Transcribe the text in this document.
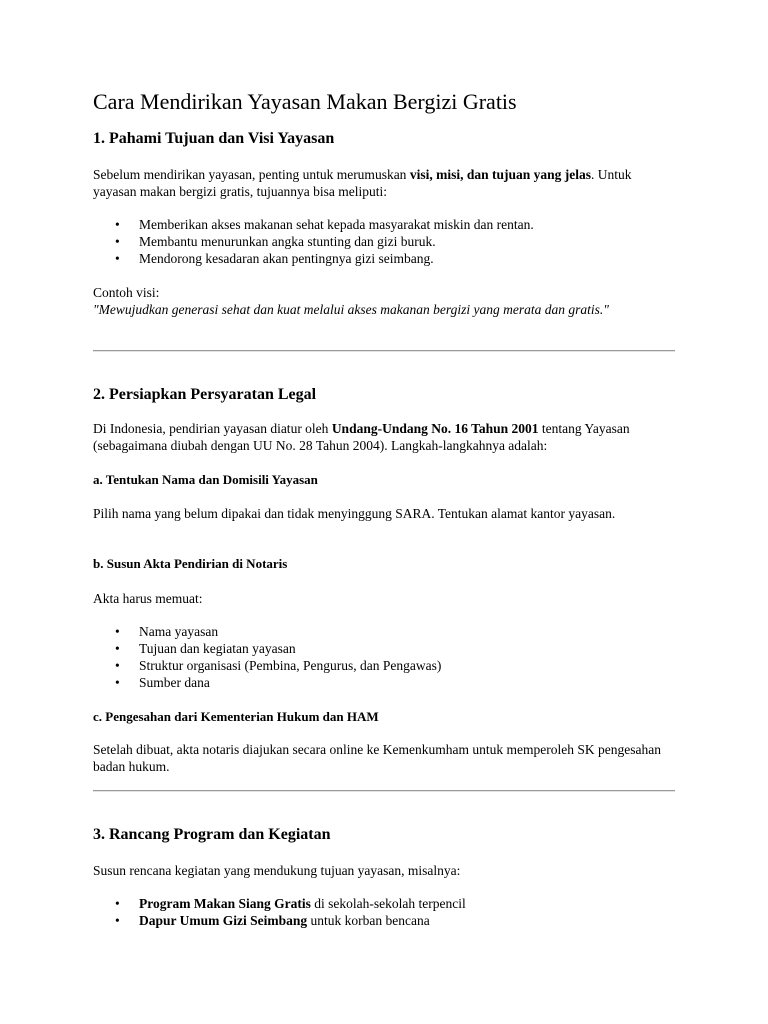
Cara Mendirikan Yayasan Makan Bergizi Gratis
1. Pahami Tujuan dan Visi Yayasan

Sebelum mendirikan yayasan, penting untuk merumuskan visi, misi, dan tujuan yang jelas. Untuk yayasan makan bergizi gratis, tujuannya bisa meliputi:

• Memberikan akses makanan sehat kepada masyarakat miskin dan rentan.
• Membantu menurunkan angka stunting dan gizi buruk.
• Mendorong kesadaran akan pentingnya gizi seimbang.

Contoh visi:
"Mewujudkan generasi sehat dan kuat melalui akses makanan bergizi yang merata dan gratis."

2. Persiapkan Persyaratan Legal

Di Indonesia, pendirian yayasan diatur oleh Undang-Undang No. 16 Tahun 2001 tentang Yayasan (sebagaimana diubah dengan UU No. 28 Tahun 2004). Langkah-langkahnya adalah:

a. Tentukan Nama dan Domisili Yayasan

Pilih nama yang belum dipakai dan tidak menyinggung SARA. Tentukan alamat kantor yayasan.

b. Susun Akta Pendirian di Notaris

Akta harus memuat:

• Nama yayasan
• Tujuan dan kegiatan yayasan
• Struktur organisasi (Pembina, Pengurus, dan Pengawas)
• Sumber dana
c. Pengesahan dari Kementerian Hukum dan HAM

Setelah dibuat, akta notaris diajukan secara online ke Kemenkumham untuk memperoleh SK pengesahan badan hukum.

3. Rancang Program dan Kegiatan

Susun rencana kegiatan yang mendukung tujuan yayasan, misalnya:

• Program Makan Siang Gratis di sekolah-sekolah terpencil
• Dapur Umum Gizi Seimbang untuk korban bencana
